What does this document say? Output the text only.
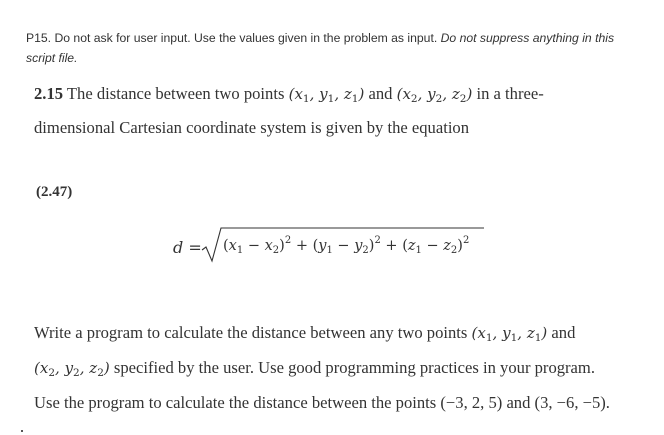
P15. Do not ask for user input. Use the values given in the problem as input. Do not suppress anything in this script file.
2.15 The distance between two points ($x_1$, $y_1$, $z_1$) and ($x_2$, $y_2$, $z_2$) in a three-
dimensional Cartesian coordinate system is given by the equation
(2.47)
$d = (x_1 - x_2)^2 + (y_1 - y_2)^2 + (z_1 - z_2)^2$
Write a program to calculate the distance between any two points ($x_1$, $y_1$, $z_1$) and
($x_2$, $y_2$, $z_2$) specified by the user. Use good programming practices in your program.
Use the program to calculate the distance between the points (−3, 2, 5) and (3, −6, −5).
